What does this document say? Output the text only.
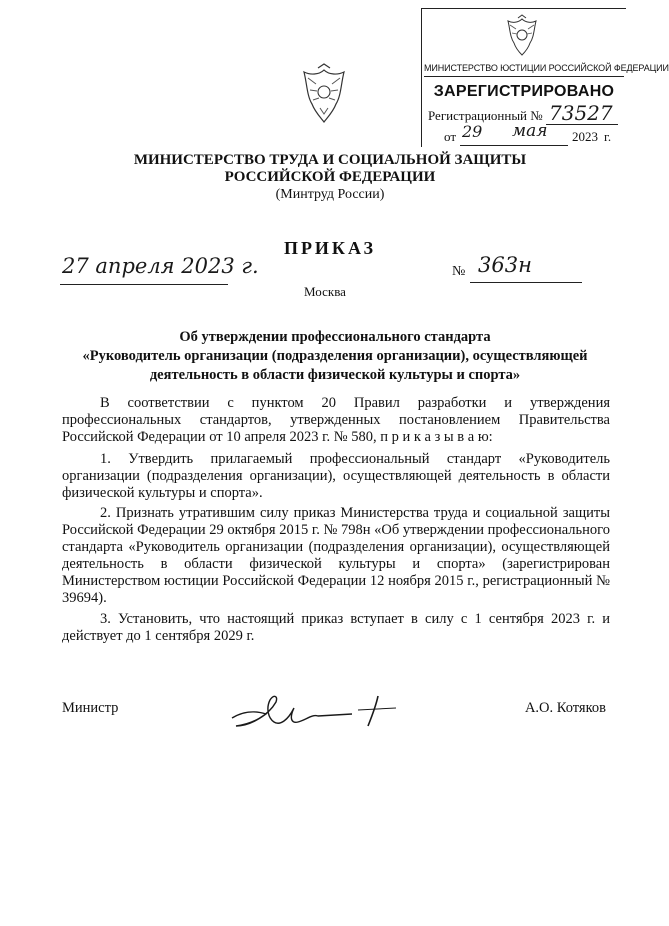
МИНИСТЕРСТВО ЮСТИЦИИ РОССИЙСКОЙ ФЕДЕРАЦИИ
ЗАРЕГИСТРИРОВАНО
Регистрационный № 73527
от 29 мая 2023 г.
МИНИСТЕРСТВО ТРУДА И СОЦИАЛЬНОЙ ЗАЩИТЫ
РОССИЙСКОЙ ФЕДЕРАЦИИ
(Минтруд России)
ПРИКАЗ
27 апреля 2023 г.
Москва
№ 363н
Об утверждении профессионального стандарта
«Руководитель организации (подразделения организации), осуществляющей
деятельность в области физической культуры и спорта»

В соответствии с пунктом 20 Правил разработки и утверждения профессиональных стандартов, утвержденных постановлением Правительства Российской Федерации от 10 апреля 2023 г. № 580, п р и к а з ы в а ю:

1. Утвердить прилагаемый профессиональный стандарт «Руководитель организации (подразделения организации), осуществляющей деятельность в области физической культуры и спорта».

2. Признать утратившим силу приказ Министерства труда и социальной защиты Российской Федерации 29 октября 2015 г. № 798н «Об утверждении профессионального стандарта «Руководитель организации (подразделения организации), осуществляющей деятельность в области физической культуры и спорта» (зарегистрирован Министерством юстиции Российской Федерации 12 ноября 2015 г., регистрационный № 39694).

3. Установить, что настоящий приказ вступает в силу с 1 сентября 2023 г. и действует до 1 сентября 2029 г.

Министр	А.О. Котяков
